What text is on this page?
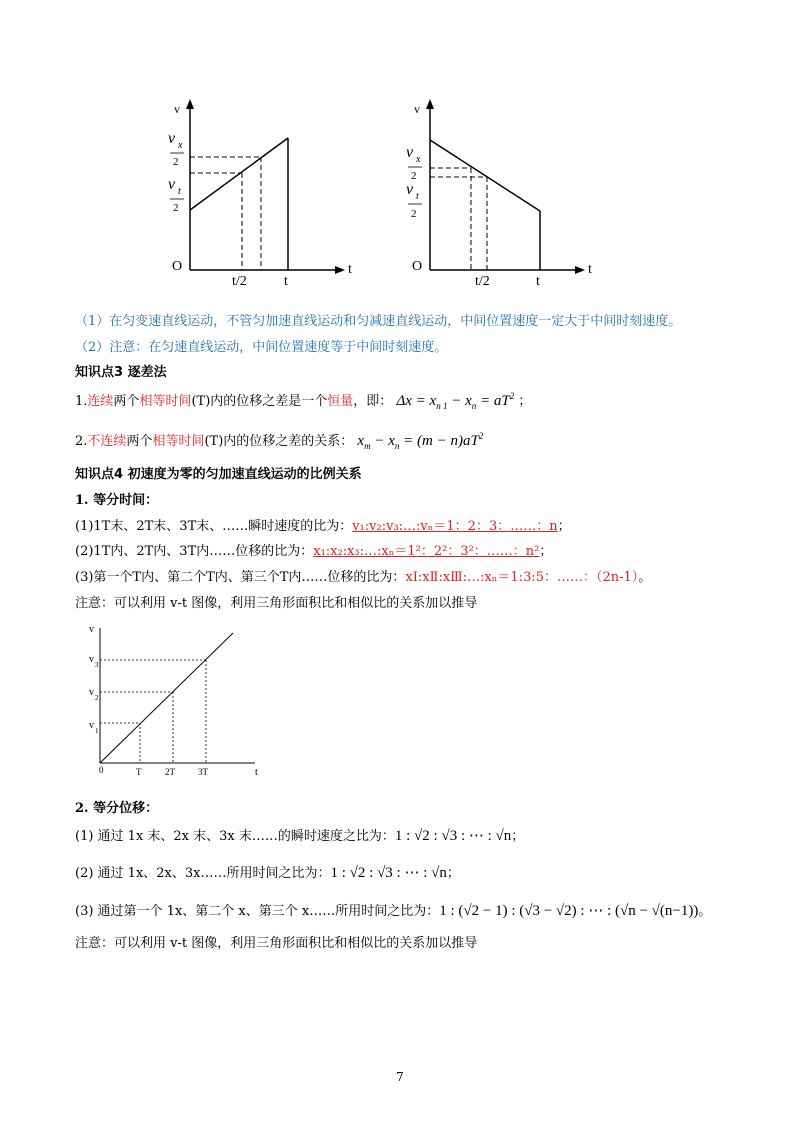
v
v x
2
v t
2
O
t/2	t
t
v
v x
2
v t
2
O
t/2	t
t
（1）在匀变速直线运动，不管匀加速直线运动和匀减速直线运动，中间位置速度一定大于中间时刻速度。
（2）注意：在匀速直线运动，中间位置速度等于中间时刻速度。
知识点3 逐差法
1.连续两个相等时间(T)内的位移之差是一个恒量，即： $\Delta x = x_{n 1} - x_n = aT^2$ ；
2.不连续两个相等时间(T)内的位移之差的关系： $x_m - x_n = (m - n)aT^2$
知识点4 初速度为零的匀加速直线运动的比例关系
1. 等分时间：
(1)1T末、2T末、3T末、……瞬时速度的比为：v₁:v₂:v₃:…:vₙ＝1：2：3：……：n；
(2)1T内、2T内、3T内……位移的比为：x₁:x₂:x₃:…:xₙ＝1²：2²：3²：……：n²；
(3)第一个T内、第二个T内、第三个T内……位移的比为：xⅠ:xⅡ:xⅢ:…:xₙ＝1:3:5：……：（2n-1）。
注意：可以利用 v-t 图像，利用三角形面积比和相似比的关系加以推导
v
v 3
v 2
v 1
0	T	2T	3T	t
2. 等分位移：
(1) 通过 1x 末、2x 末、3x 末……的瞬时速度之比为：1 : √2 : √3 : ⋯ : √n；
(2) 通过 1x、2x、3x……所用时间之比为：1 : √2 : √3 : ⋯ : √n；
(3) 通过第一个 1x、第二个 x、第三个 x……所用时间之比为：1 : (√2 − 1) : (√3 − √2) : ⋯ : (√n − √(n−1))。
注意：可以利用 v-t 图像，利用三角形面积比和相似比的关系加以推导
7
